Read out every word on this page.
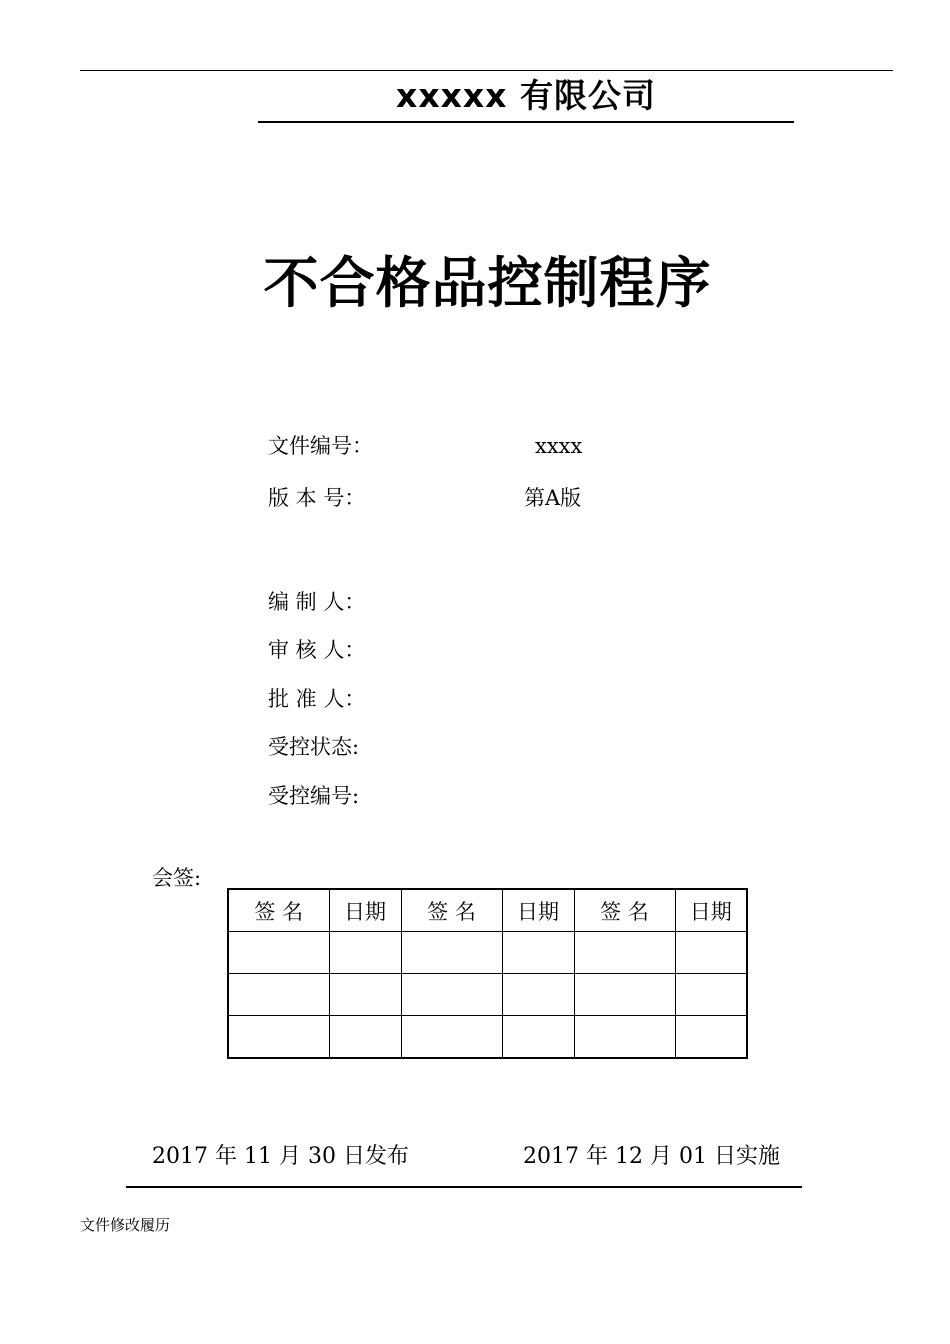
xxxxx 有限公司
不合格品控制程序
文件编号：	xxxx
版 本 号：	第A版
编 制 人：
审 核 人：
批 准 人：
受控状态:
受控编号:
会签:
签 名	日期	签 名	日期	签 名	日期

2017 年 11 月 30 日发布	2017 年 12 月 01 日实施
文件修改履历
